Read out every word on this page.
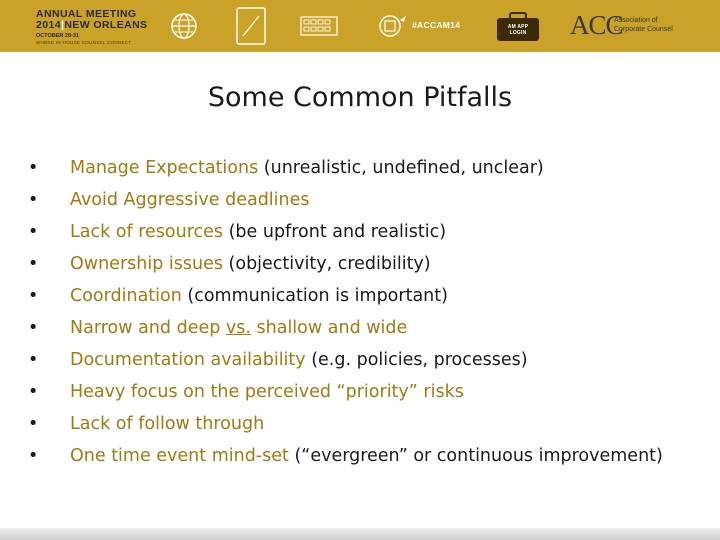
ANNUAL MEETING
2014|NEW ORLEANS
OCTOBER 28-31
WHERE IN-HOUSE COUNSEL CONNECT
#ACCAM14	AM APP LOGIN	ACC
Association of
Corporate Counsel
Some Common Pitfalls
• Manage Expectations (unrealistic, undefined, unclear)
• Avoid Aggressive deadlines
• Lack of resources (be upfront and realistic)
• Ownership issues (objectivity, credibility)
• Coordination (communication is important)
• Narrow and deep vs. shallow and wide
• Documentation availability (e.g. policies, processes)
• Heavy focus on the perceived “priority” risks
• Lack of follow through
• One time event mind-set (“evergreen” or continuous improvement)
